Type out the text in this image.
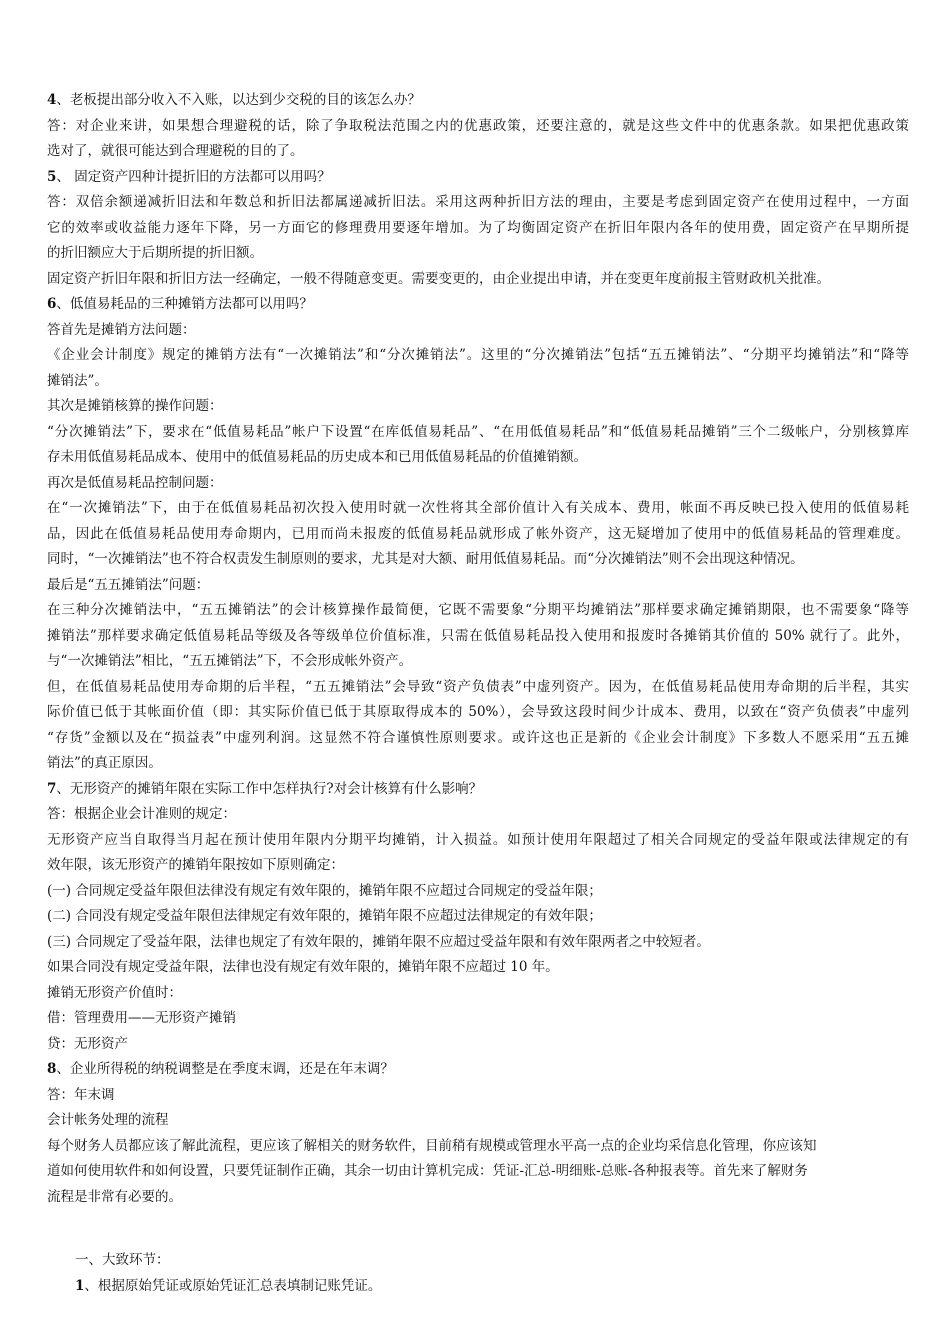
4、老板提出部分收入不入账，以达到少交税的目的该怎么办？
答：对企业来讲，如果想合理避税的话，除了争取税法范围之内的优惠政策，还要注意的，就是这些文件中的优惠条款。如果把优惠政策
选对了，就很可能达到合理避税的目的了。
5、 固定资产四种计提折旧的方法都可以用吗？
答：双倍余额递减折旧法和年数总和折旧法都属递减折旧法。采用这两种折旧方法的理由，主要是考虑到固定资产在使用过程中，一方面
它的效率或收益能力逐年下降，另一方面它的修理费用要逐年增加。为了均衡固定资产在折旧年限内各年的使用费，固定资产在早期所提
的折旧额应大于后期所提的折旧额。
固定资产折旧年限和折旧方法一经确定，一般不得随意变更。需要变更的，由企业提出申请，并在变更年度前报主管财政机关批准。
6、低值易耗品的三种摊销方法都可以用吗？
答首先是摊销方法问题：
《企业会计制度》规定的摊销方法有“一次摊销法”和“分次摊销法”。这里的“分次摊销法”包括“五五摊销法”、“分期平均摊销法”和“降等
摊销法”。
其次是摊销核算的操作问题：
“分次摊销法”下，要求在“低值易耗品”帐户下设置“在库低值易耗品”、“在用低值易耗品”和“低值易耗品摊销”三个二级帐户，分别核算库
存未用低值易耗品成本、使用中的低值易耗品的历史成本和已用低值易耗品的价值摊销额。
再次是低值易耗品控制问题：
在“一次摊销法”下，由于在低值易耗品初次投入使用时就一次性将其全部价值计入有关成本、费用，帐面不再反映已投入使用的低值易耗
品，因此在低值易耗品使用寿命期内，已用而尚未报废的低值易耗品就形成了帐外资产，这无疑增加了使用中的低值易耗品的管理难度。
同时，“一次摊销法”也不符合权责发生制原则的要求，尤其是对大额、耐用低值易耗品。而“分次摊销法”则不会出现这种情况。
最后是“五五摊销法”问题：
在三种分次摊销法中，“五五摊销法”的会计核算操作最简便，它既不需要象“分期平均摊销法”那样要求确定摊销期限，也不需要象“降等
摊销法”那样要求确定低值易耗品等级及各等级单位价值标准，只需在低值易耗品投入使用和报废时各摊销其价值的 50% 就行了。此外，
与“一次摊销法”相比，“五五摊销法”下，不会形成帐外资产。
但，在低值易耗品使用寿命期的后半程，“五五摊销法”会导致“资产负债表”中虚列资产。因为，在低值易耗品使用寿命期的后半程，其实
际价值已低于其帐面价值（即：其实际价值已低于其原取得成本的 50%），会导致这段时间少计成本、费用，以致在“资产负债表”中虚列
“存货”金额以及在“损益表”中虚列利润。这显然不符合谨慎性原则要求。或许这也正是新的《企业会计制度》下多数人不愿采用“五五摊
销法”的真正原因。
7、无形资产的摊销年限在实际工作中怎样执行?对会计核算有什么影响？
答：根据企业会计准则的规定：
无形资产应当自取得当月起在预计使用年限内分期平均摊销，计入损益。如预计使用年限超过了相关合同规定的受益年限或法律规定的有
效年限，该无形资产的摊销年限按如下原则确定：
(一) 合同规定受益年限但法律没有规定有效年限的，摊销年限不应超过合同规定的受益年限；
(二) 合同没有规定受益年限但法律规定有效年限的，摊销年限不应超过法律规定的有效年限；
(三) 合同规定了受益年限，法律也规定了有效年限的，摊销年限不应超过受益年限和有效年限两者之中较短者。
如果合同没有规定受益年限，法律也没有规定有效年限的，摊销年限不应超过 10 年。
摊销无形资产价值时：
借：管理费用——无形资产摊销
贷：无形资产
8、企业所得税的纳税调整是在季度末调，还是在年末调？
答：年末调
会计帐务处理的流程
每个财务人员都应该了解此流程，更应该了解相关的财务软件，目前稍有规模或管理水平高一点的企业均采信息化管理，你应该知
道如何使用软件和如何设置，只要凭证制作正确，其余一切由计算机完成：凭证-汇总-明细账-总账-各种报表等。首先来了解财务
流程是非常有必要的。
一、大致环节：
1、根据原始凭证或原始凭证汇总表填制记账凭证。
